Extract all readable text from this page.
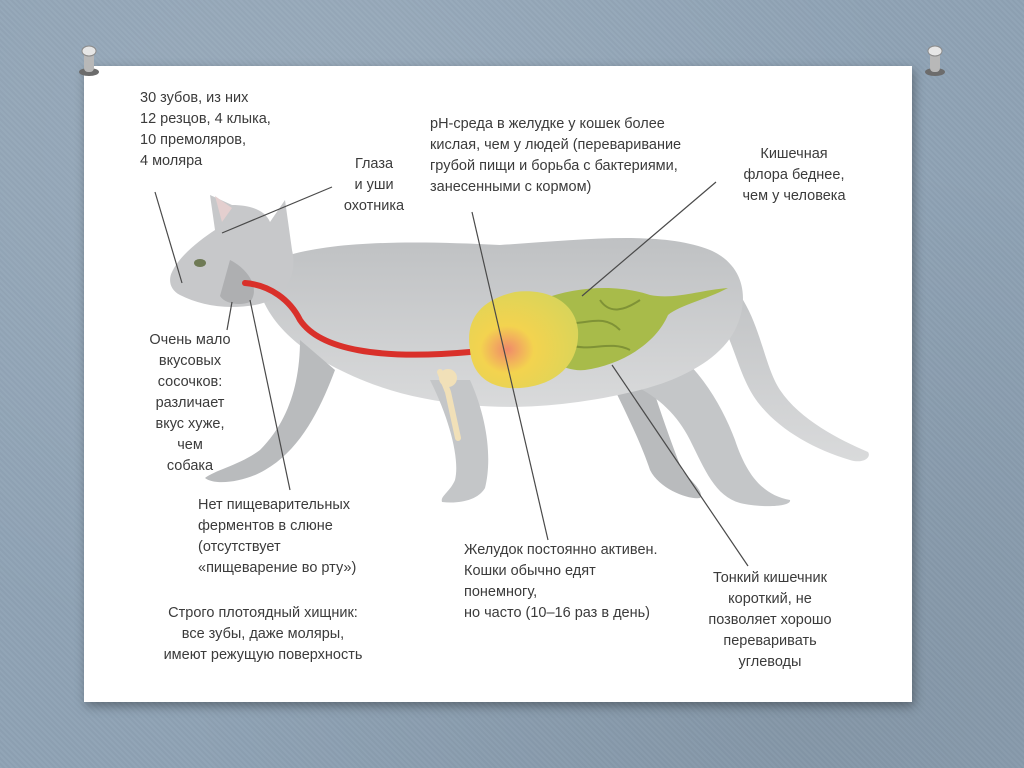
30 зубов, из них
12 резцов, 4 клыка,
10 премоляров,
4 моляра	Глаза
и уши
охотника
pH-среда в желудке у кошек более
кислая, чем у людей (переваривание
грубой пищи и борьба с бактериями,
занесенными с кормом)
Кишечная
флора беднее,
чем у человека
Очень мало
вкусовых
сосочков:
различает
вкус хуже,
чем
собака
Нет пищеварительных
ферментов в слюне
(отсутствует
«пищеварение во рту»)
Желудок постоянно активен.
Кошки обычно едят
понемногу,
но часто (10–16 раз в день)
Строго плотоядный хищник:
все зубы, даже моляры,
имеют режущую поверхность
Тонкий кишечник
короткий, не
позволяет хорошо
переваривать
углеводы
